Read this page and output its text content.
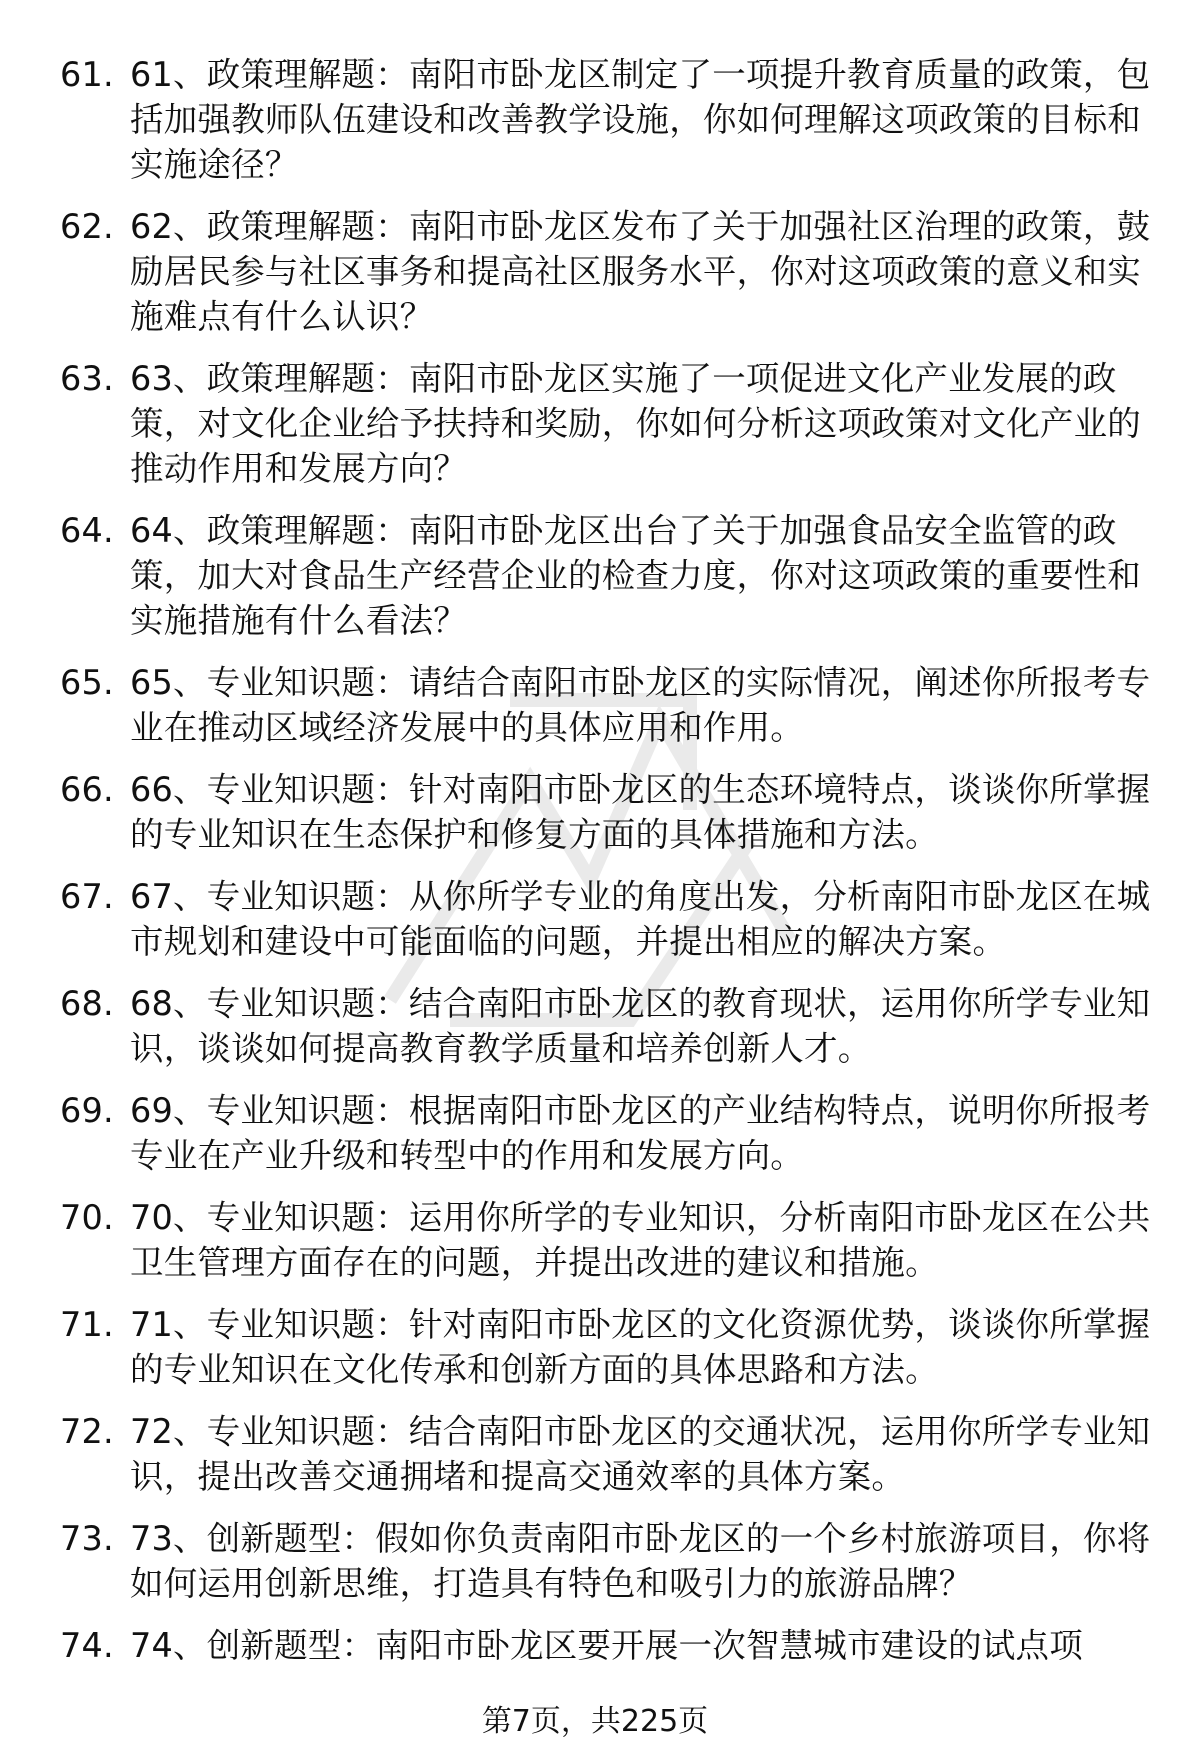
61. 61、政策理解题：南阳市卧龙区制定了一项提升教育质量的政策，包括加强教师队伍建设和改善教学设施，你如何理解这项政策的目标和实施途径？
62. 62、政策理解题：南阳市卧龙区发布了关于加强社区治理的政策，鼓励居民参与社区事务和提高社区服务水平，你对这项政策的意义和实施难点有什么认识？
63. 63、政策理解题：南阳市卧龙区实施了一项促进文化产业发展的政策，对文化企业给予扶持和奖励，你如何分析这项政策对文化产业的推动作用和发展方向？
64. 64、政策理解题：南阳市卧龙区出台了关于加强食品安全监管的政策，加大对食品生产经营企业的检查力度，你对这项政策的重要性和实施措施有什么看法？
65. 65、专业知识题：请结合南阳市卧龙区的实际情况，阐述你所报考专业在推动区域经济发展中的具体应用和作用。
66. 66、专业知识题：针对南阳市卧龙区的生态环境特点，谈谈你所掌握的专业知识在生态保护和修复方面的具体措施和方法。
67. 67、专业知识题：从你所学专业的角度出发，分析南阳市卧龙区在城市规划和建设中可能面临的问题，并提出相应的解决方案。
68. 68、专业知识题：结合南阳市卧龙区的教育现状，运用你所学专业知识，谈谈如何提高教育教学质量和培养创新人才。
69. 69、专业知识题：根据南阳市卧龙区的产业结构特点，说明你所报考专业在产业升级和转型中的作用和发展方向。
70. 70、专业知识题：运用你所学的专业知识，分析南阳市卧龙区在公共卫生管理方面存在的问题，并提出改进的建议和措施。
71. 71、专业知识题：针对南阳市卧龙区的文化资源优势，谈谈你所掌握的专业知识在文化传承和创新方面的具体思路和方法。
72. 72、专业知识题：结合南阳市卧龙区的交通状况，运用你所学专业知识，提出改善交通拥堵和提高交通效率的具体方案。
73. 73、创新题型：假如你负责南阳市卧龙区的一个乡村旅游项目，你将如何运用创新思维，打造具有特色和吸引力的旅游品牌？
74. 74、创新题型：南阳市卧龙区要开展一次智慧城市建设的试点项
第7页，共225页
